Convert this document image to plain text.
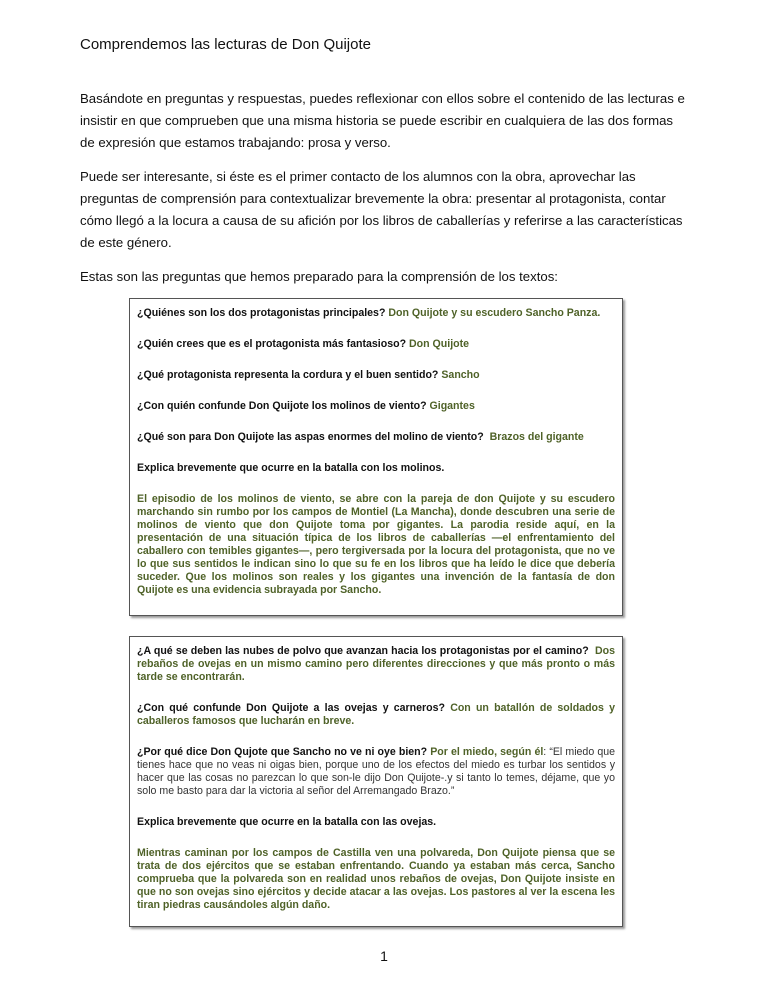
Comprendemos las lecturas de Don Quijote
Basándote en preguntas y respuestas, puedes reflexionar con ellos sobre el contenido de las lecturas e insistir en que comprueben que una misma historia se puede escribir en cualquiera de las dos formas de expresión que estamos trabajando: prosa y verso.
Puede ser interesante, si éste es el primer contacto de los alumnos con la obra, aprovechar las preguntas de comprensión para contextualizar brevemente la obra: presentar al protagonista, contar cómo llegó a la locura a causa de su afición por los libros de caballerías y referirse a las características de este género.
Estas son las preguntas que hemos preparado para la comprensión de los textos:
¿Quiénes son los dos protagonistas principales? Don Quijote y su escudero Sancho Panza.
¿Quién crees que es el protagonista más fantasioso? Don Quijote
¿Qué protagonista representa la cordura y el buen sentido? Sancho
¿Con quién confunde Don Quijote los molinos de viento? Gigantes
¿Qué son para Don Quijote las aspas enormes del molino de viento? Brazos del gigante
Explica brevemente que ocurre en la batalla con los molinos.
El episodio de los molinos de viento, se abre con la pareja de don Quijote y su escudero marchando sin rumbo por los campos de Montiel (La Mancha), donde descubren una serie de molinos de viento que don Quijote toma por gigantes. La parodia reside aquí, en la presentación de una situación típica de los libros de caballerías —el enfrentamiento del caballero con temibles gigantes—, pero tergiversada por la locura del protagonista, que no ve lo que sus sentidos le indican sino lo que su fe en los libros que ha leído le dice que debería suceder. Que los molinos son reales y los gigantes una invención de la fantasía de don Quijote es una evidencia subrayada por Sancho.
¿A qué se deben las nubes de polvo que avanzan hacia los protagonistas por el camino? Dos rebaños de ovejas en un mismo camino pero diferentes direcciones y que más pronto o más tarde se encontrarán.
¿Con qué confunde Don Quijote a las ovejas y carneros? Con un batallón de soldados y caballeros famosos que lucharán en breve.
¿Por qué dice Don Qujote que Sancho no ve ni oye bien? Por el miedo, según él: “El miedo que tienes hace que no veas ni oigas bien, porque uno de los efectos del miedo es turbar los sentidos y hacer que las cosas no parezcan lo que son-le dijo Don Quijote-.y si tanto lo temes, déjame, que yo solo me basto para dar la victoria al señor del Arremangado Brazo.”
Explica brevemente que ocurre en la batalla con las ovejas.
Mientras caminan por los campos de Castilla ven una polvareda, Don Quijote piensa que se trata de dos ejércitos que se estaban enfrentando. Cuando ya estaban más cerca, Sancho comprueba que la polvareda son en realidad unos rebaños de ovejas, Don Quijote insiste en que no son ovejas sino ejércitos y decide atacar a las ovejas. Los pastores al ver la escena les tiran piedras causándoles algún daño.
1
